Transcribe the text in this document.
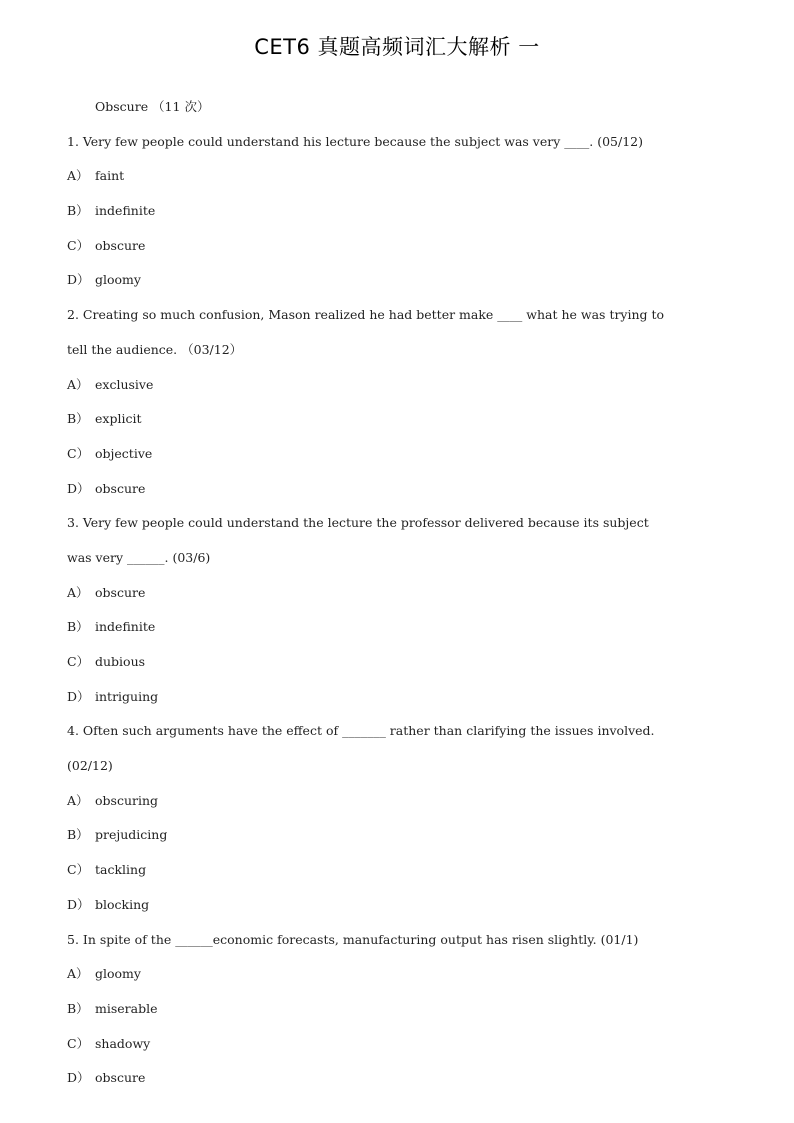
CET6 真题高频词汇大解析 一
Obscure （11 次）
1. Very few people could understand his lecture because the subject was very ____. (05/12)
A） faint
B） indefinite
C） obscure
D） gloomy
2. Creating so much confusion, Mason realized he had better make ____ what he was trying to
tell the audience. （03/12）
A） exclusive
B） explicit
C） objective
D） obscure
3. Very few people could understand the lecture the professor delivered because its subject
was very ______. (03/6)
A） obscure
B） indefinite
C） dubious
D） intriguing
4. Often such arguments have the effect of _______ rather than clarifying the issues involved.
(02/12)
A） obscuring
B） prejudicing
C） tackling
D） blocking
5. In spite of the ______economic forecasts, manufacturing output has risen slightly. (01/1)
A） gloomy
B） miserable
C） shadowy
D） obscure
